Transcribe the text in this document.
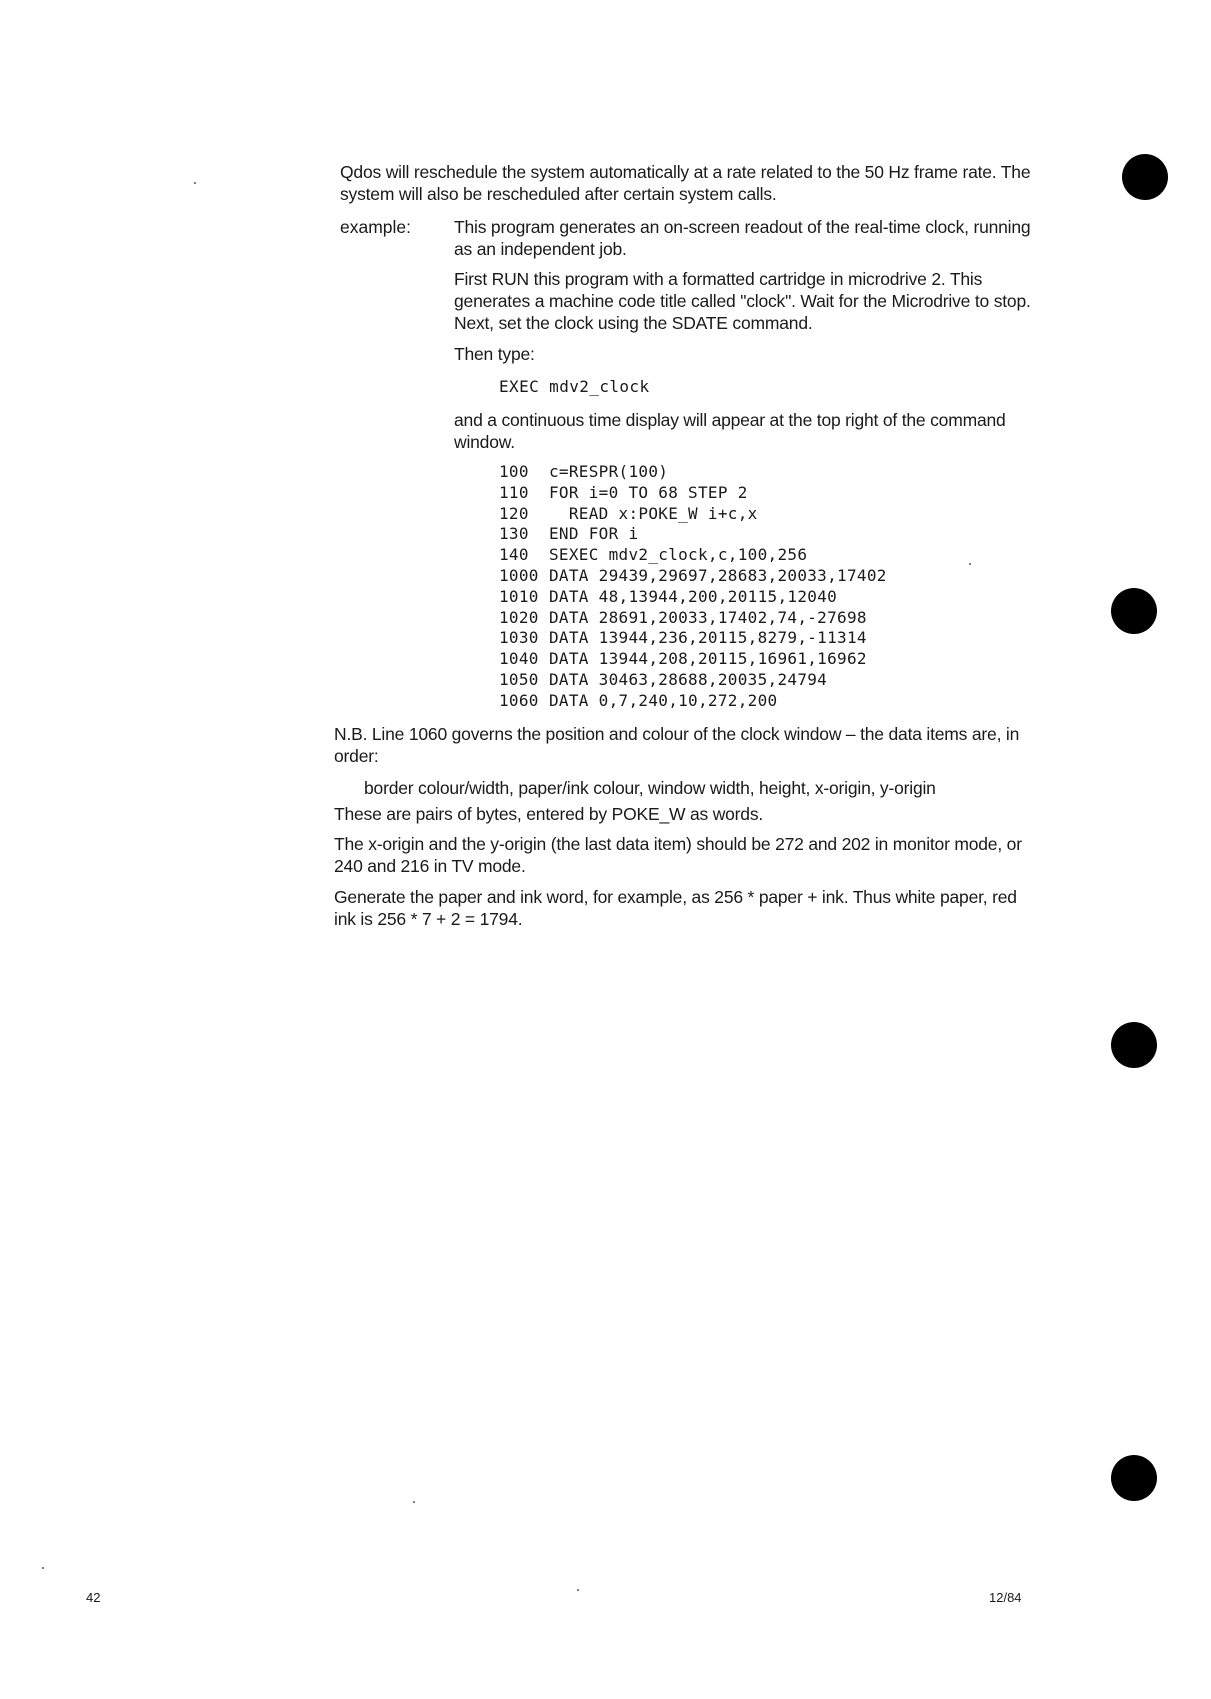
Qdos will reschedule the system automatically at a rate related to the 50 Hz frame rate. The system will also be rescheduled after certain system calls.
example: This program generates an on-screen readout of the real-time clock, running as an independent job.
First RUN this program with a formatted cartridge in microdrive 2. This generates a machine code title called "clock". Wait for the Microdrive to stop. Next, set the clock using the SDATE command.
Then type:
EXEC mdv2_clock
and a continuous time display will appear at the top right of the command window.
100	c=RESPR(100)
110	FOR i=0 TO 68 STEP 2
120	READ x:POKE_W i+c,x
130	END FOR i
140	SEXEC mdv2_clock,c,100,256
1000 DATA 29439,29697,28683,20033,17402
1010 DATA 48,13944,200,20115,12040
1020 DATA 28691,20033,17402,74,-27698
1030 DATA 13944,236,20115,8279,-11314
1040 DATA 13944,208,20115,16961,16962
1050 DATA 30463,28688,20035,24794
1060 DATA 0,7,240,10,272,200
N.B. Line 1060 governs the position and colour of the clock window – the data items are, in order:
border colour/width, paper/ink colour, window width, height, x-origin, y-origin
These are pairs of bytes, entered by POKE_W as words.
The x-origin and the y-origin (the last data item) should be 272 and 202 in monitor mode, or 240 and 216 in TV mode.
Generate the paper and ink word, for example, as 256 * paper + ink. Thus white paper, red ink is 256 * 7 + 2 = 1794.
42	12/84
